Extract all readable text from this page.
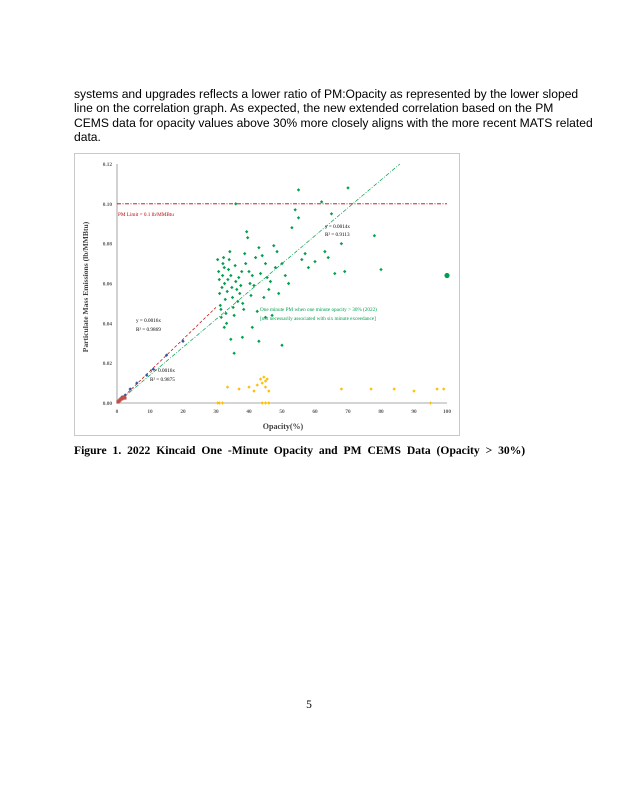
systems and upgrades reflects a lower ratio of PM:Opacity as represented by the lower sloped
line on the correlation graph. As expected, the new extended correlation based on the PM
CEMS data for opacity values above 30% more closely aligns with the more recent MATS related
data.
0.00
0.02
0.04
0.06
0.08
0.10
0.12
0	10	20	30	40	50	60	70	80	90	100
Opacity(%)
Particulate Mass Emissions (lb/MMBtu)
PM Limit = 0.1 lb/MMBtu
y = 0.0014x
R² = 0.9113
y = 0.0016x
R² = 0.9869
y = 0.0016x
R² = 0.9875
One minute PM when one minute opacity > 30% (2022)
[not necessarily associated with six minute exceedance]
Figure 1. 2022 Kincaid One -Minute Opacity and PM CEMS Data (Opacity > 30%)
5
